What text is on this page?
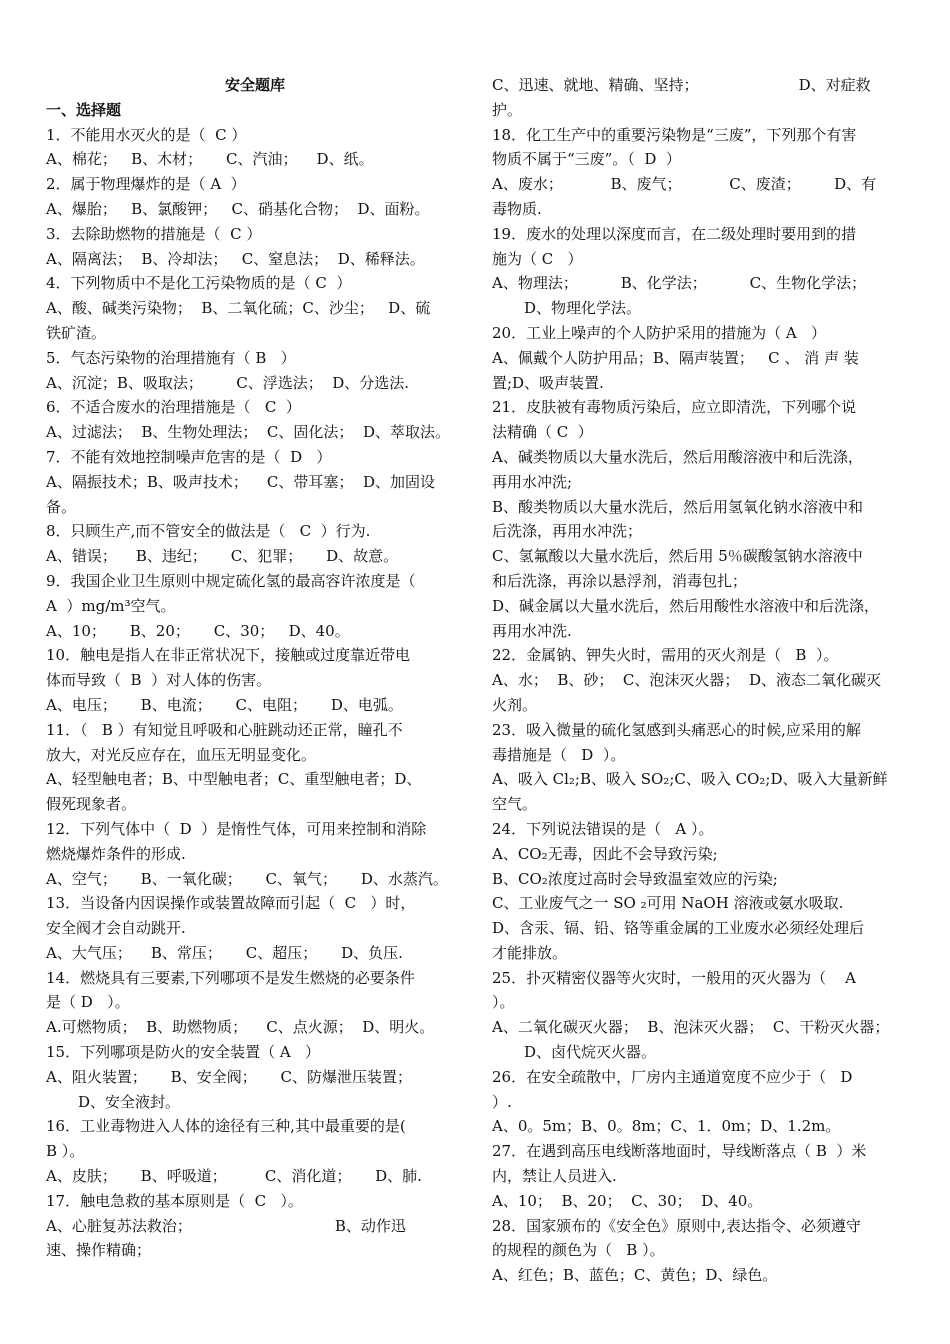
安全题库

一、选择题

1．不能用水灭火的是（  C ）

A、棉花；   B、木材；     C、汽油；    D、纸。

2．属于物理爆炸的是（ A  ）

A、爆胎；   B、氯酸钾；   C、硝基化合物；  D、面粉。

3．去除助燃物的措施是（  C ）

A、隔离法；  B、冷却法；   C、窒息法；  D、稀释法。

4．下列物质中不是化工污染物质的是（ C  ）

A、酸、碱类污染物；  B、二氧化硫；C、沙尘；   D、硫

铁矿渣。

5．气态污染物的治理措施有（ B   ）

A、沉淀；B、吸取法；       C、浮选法；  D、分选法.

6．不适合废水的治理措施是（   C  ）

A、过滤法；  B、生物处理法；  C、固化法；  D、萃取法。

7．不能有效地控制噪声危害的是（  D   ）

A、隔振技术；B、吸声技术；    C、带耳塞；  D、加固设

备。

8．只顾生产,而不管安全的做法是（   C  ）行为.

A、错误；    B、违纪；     C、犯罪；     D、故意。

9．我国企业卫生原则中规定硫化氢的最高容许浓度是（

A  ）mg/m³空气。

A、10；     B、20；     C、30；   D、40。

10．触电是指人在非正常状况下，接触或过度靠近带电

体而导致（  B  ）对人体的伤害。

A、电压；     B、电流；     C、电阻；     D、电弧。

11．（   B ）有知觉且呼吸和心脏跳动还正常，瞳孔不

放大，对光反应存在，血压无明显变化。

A、轻型触电者；B、中型触电者；C、重型触电者；D、

假死现象者。

12．下列气体中（  D  ）是惰性气体，可用来控制和消除

燃烧爆炸条件的形成.

A、空气；     B、一氧化碳；     C、氧气；     D、水蒸汽。

13．当设备内因误操作或装置故障而引起（  C   ）时，

安全阀才会自动跳开.

A、大气压；    B、常压；     C、超压；     D、负压.

14．燃烧具有三要素,下列哪项不是发生燃烧的必要条件

是（ D   ）。

A.可燃物质；  B、助燃物质；    C、点火源；  D、明火。

15．下列哪项是防火的安全装置（ A   ）

A、阻火装置；     B、安全阀；     C、防爆泄压装置；

D、安全液封。

16．工业毒物进入人体的途径有三种,其中最重要的是(

B ）。

A、皮肤；     B、呼吸道；        C、消化道；     D、肺.

17．触电急救的基本原则是（  C   ）。

A、心脏复苏法救治；                              B、动作迅

速、操作精确；

C、迅速、就地、精确、坚持；                     D、对症救

护。

18．化工生产中的重要污染物是“三废”，下列那个有害

物质不属于“三废”。（  D  ）

A、废水；          B、废气；          C、废渣；       D、有

毒物质.

19．废水的处理以深度而言，在二级处理时要用到的措

施为（ C   ）

A、物理法；         B、化学法；         C、生物化学法；

D、物理化学法。

20．工业上噪声的个人防护采用的措施为（ A   ）

A、佩戴个人防护用品；B、隔声装置；   C 、 消 声 装

置;D、吸声装置.

21．皮肤被有毒物质污染后，应立即清洗，下列哪个说

法精确（ C  ）

A、碱类物质以大量水洗后，然后用酸溶液中和后洗涤，

再用水冲洗;

B、酸类物质以大量水洗后，然后用氢氧化钠水溶液中和

后洗涤，再用水冲洗；

C、氢氟酸以大量水洗后，然后用 5％碳酸氢钠水溶液中

和后洗涤，再涂以悬浮剂，消毒包扎；

D、碱金属以大量水洗后，然后用酸性水溶液中和后洗涤，

再用水冲洗.

22．金属钠、钾失火时，需用的灭火剂是（   B  ）。

A、水；  B、砂；  C、泡沫灭火器；  D、液态二氧化碳灭

火剂。

23．吸入微量的硫化氢感到头痛恶心的时候,应采用的解

毒措施是（   D  ）。

A、吸入 Cl₂;B、吸入 SO₂;C、吸入 CO₂;D、吸入大量新鲜

空气。

24．下列说法错误的是（   A ）。

A、CO₂无毒，因此不会导致污染;

B、CO₂浓度过高时会导致温室效应的污染;

C、工业废气之一 SO ₂可用 NaOH 溶液或氨水吸取.

D、含汞、镉、铅、铬等重金属的工业废水必须经处理后

才能排放。

25．扑灭精密仪器等火灾时，一般用的灭火器为（    A

）。

A、二氧化碳灭火器；  B、泡沫灭火器；  C、干粉灭火器；

D、卤代烷灭火器。

26．在安全疏散中，厂房内主通道宽度不应少于（   D

）.

A、0。5m；B、0。8m；C、1．0m；D、1.2m。

27．在遇到高压电线断落地面时，导线断落点（ B  ）米

内，禁让人员进入.

A、10；  B、20；  C、30；  D、40。

28．国家颁布的《安全色》原则中,表达指令、必须遵守

的规程的颜色为（   B ）。

A、红色；B、蓝色；C、黄色；D、绿色。
